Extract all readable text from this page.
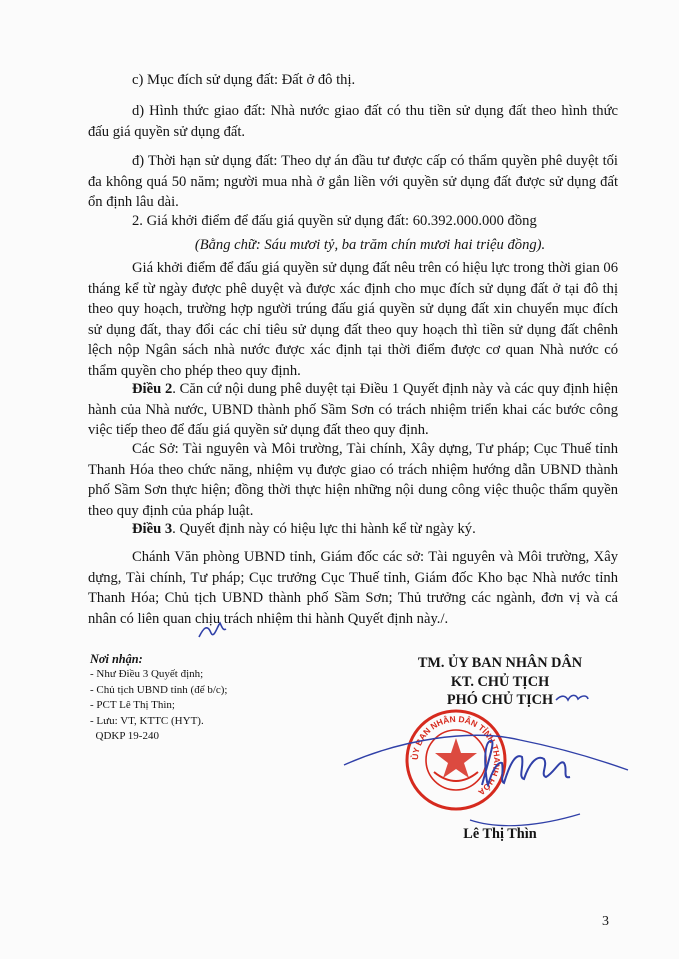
c) Mục đích sử dụng đất: Đất ở đô thị.
d) Hình thức giao đất: Nhà nước giao đất có thu tiền sử dụng đất theo hình thức đấu giá quyền sử dụng đất.
đ) Thời hạn sử dụng đất: Theo dự án đầu tư được cấp có thẩm quyền phê duyệt tối đa không quá 50 năm; người mua nhà ở gắn liền với quyền sử dụng đất được sử dụng đất ổn định lâu dài.
2. Giá khởi điểm để đấu giá quyền sử dụng đất: 60.392.000.000 đồng
(Bằng chữ: Sáu mươi tỷ, ba trăm chín mươi hai triệu đồng).
Giá khởi điểm để đấu giá quyền sử dụng đất nêu trên có hiệu lực trong thời gian 06 tháng kể từ ngày được phê duyệt và được xác định cho mục đích sử dụng đất ở tại đô thị theo quy hoạch, trường hợp người trúng đấu giá quyền sử dụng đất xin chuyển mục đích sử dụng đất, thay đổi các chỉ tiêu sử dụng đất theo quy hoạch thì tiền sử dụng đất chênh lệch nộp Ngân sách nhà nước được xác định tại thời điểm được cơ quan Nhà nước có thẩm quyền cho phép theo quy định.
Điều 2. Căn cứ nội dung phê duyệt tại Điều 1 Quyết định này và các quy định hiện hành của Nhà nước, UBND thành phố Sầm Sơn có trách nhiệm triển khai các bước công việc tiếp theo để đấu giá quyền sử dụng đất theo quy định.
Các Sở: Tài nguyên và Môi trường, Tài chính, Xây dựng, Tư pháp; Cục Thuế tỉnh Thanh Hóa theo chức năng, nhiệm vụ được giao có trách nhiệm hướng dẫn UBND thành phố Sầm Sơn thực hiện; đồng thời thực hiện những nội dung công việc thuộc thẩm quyền theo quy định của pháp luật.
Điều 3. Quyết định này có hiệu lực thi hành kể từ ngày ký.
Chánh Văn phòng UBND tỉnh, Giám đốc các sở: Tài nguyên và Môi trường, Xây dựng, Tài chính, Tư pháp; Cục trưởng Cục Thuế tỉnh, Giám đốc Kho bạc Nhà nước tỉnh Thanh Hóa; Chủ tịch UBND thành phố Sầm Sơn; Thủ trưởng các ngành, đơn vị và cá nhân có liên quan chịu trách nhiệm thi hành Quyết định này./.
Nơi nhận:
- Như Điều 3 Quyết định;
- Chủ tịch UBND tỉnh (để b/c);
- PCT Lê Thị Thìn;
- Lưu: VT, KTTC (HYT).
QDKP 19-240
TM. ỦY BAN NHÂN DÂN
KT. CHỦ TỊCH
PHÓ CHỦ TỊCH
ỦY BAN NHÂN DÂN TỈNH THANH HÓA
Lê Thị Thìn
3
